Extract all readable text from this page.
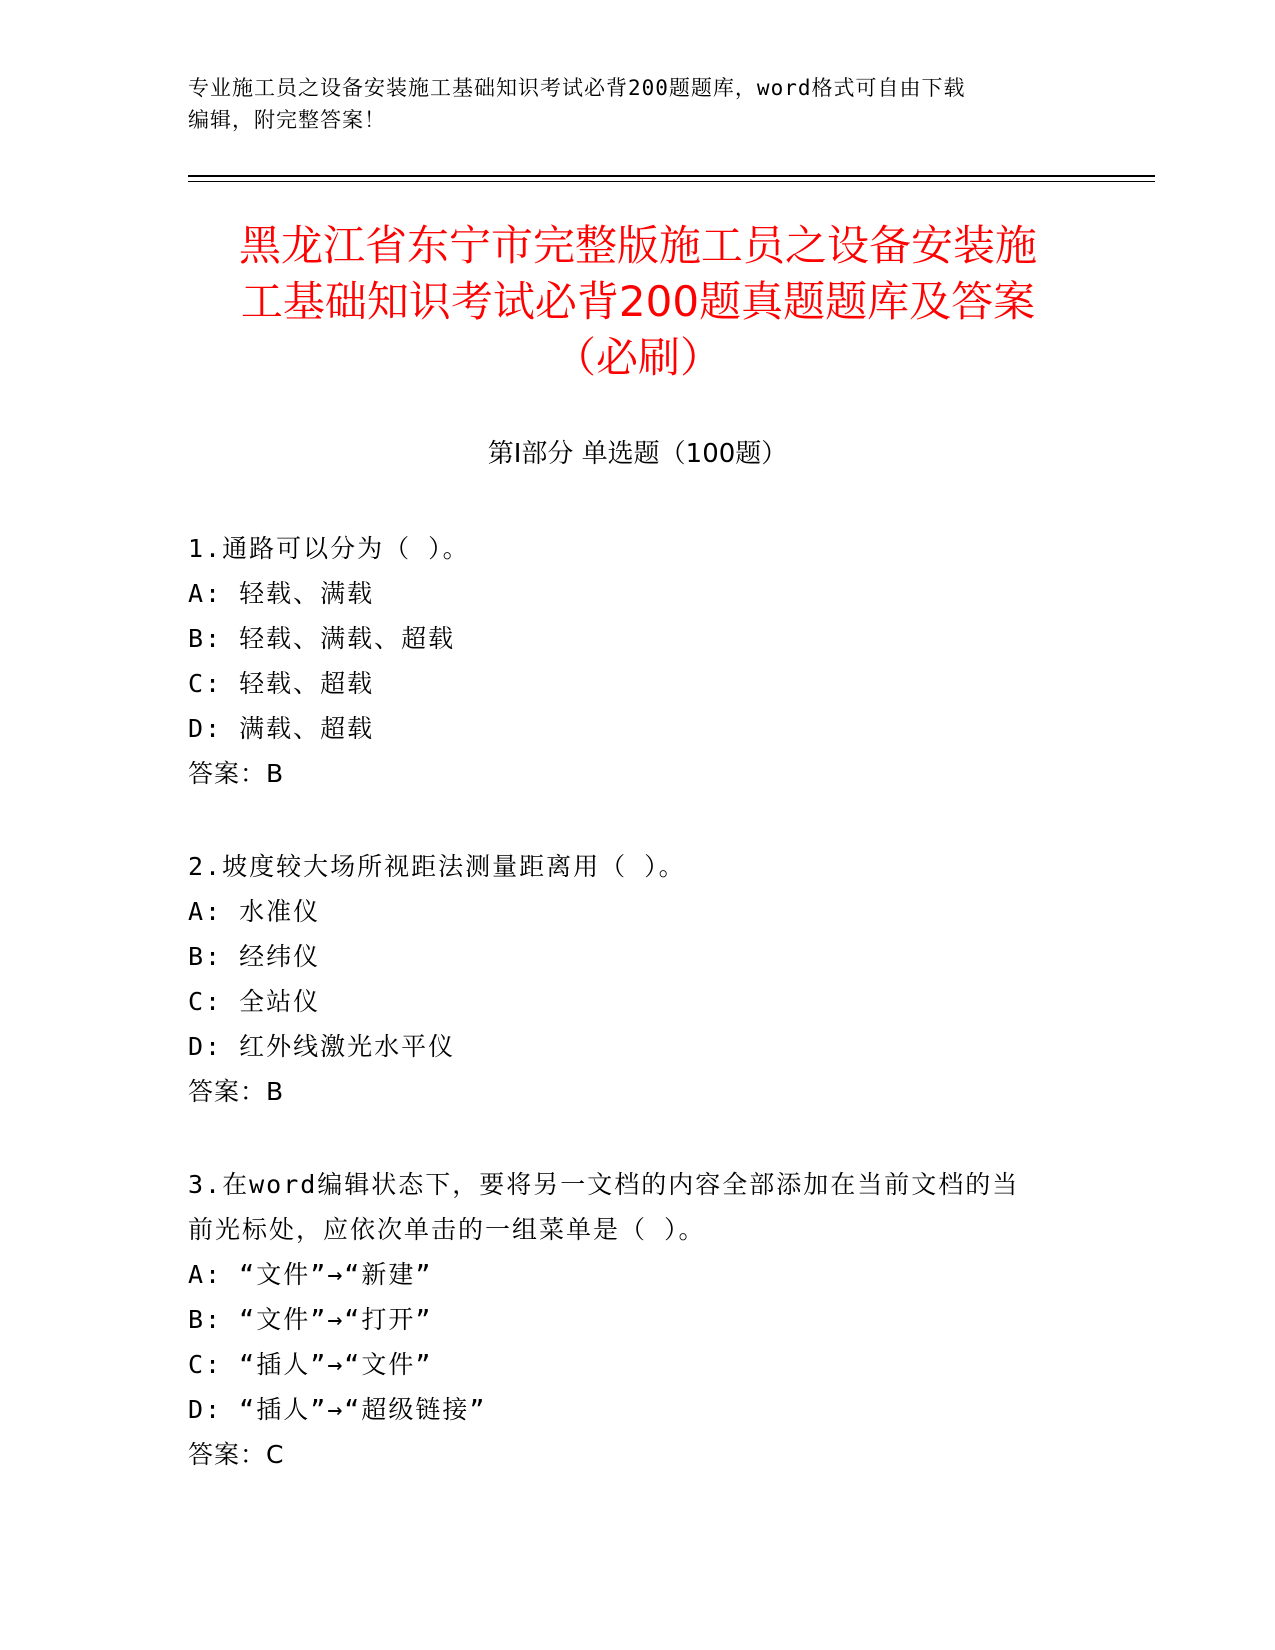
专业施工员之设备安装施工基础知识考试必背200题题库，word格式可自由下载
编辑，附完整答案！
黑龙江省东宁市完整版施工员之设备安装施
工基础知识考试必背200题真题题库及答案
（必刷）
第I部分 单选题（100题）
1.通路可以分为（ ）。
A: 轻载、满载
B: 轻载、满载、超载
C: 轻载、超载
D: 满载、超载
答案：B
2.坡度较大场所视距法测量距离用（ ）。
A: 水准仪
B: 经纬仪
C: 全站仪
D: 红外线激光水平仪
答案：B
3.在word编辑状态下，要将另一文档的内容全部添加在当前文档的当
前光标处，应依次单击的一组菜单是（ ）。
A: “文件”→“新建”
B: “文件”→“打开”
C: “插人”→“文件”
D: “插人”→“超级链接”
答案：C
